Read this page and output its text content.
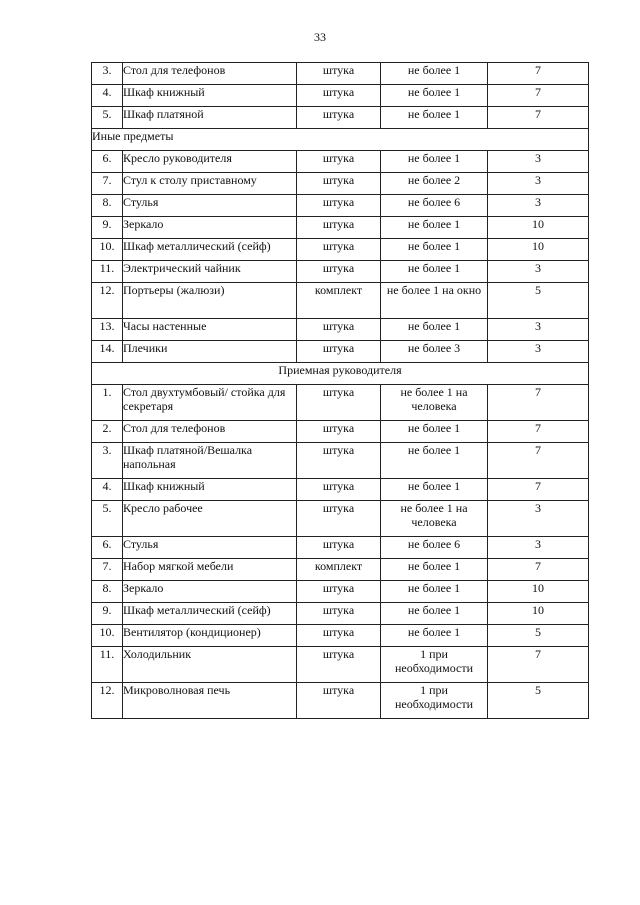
33
3.	Стол для телефонов	штука	не более 1	7
4.	Шкаф книжный	штука	не более 1	7
5.	Шкаф платяной	штука	не более 1	7
Иные предметы				
6.	Кресло руководителя	штука	не более 1	3
7.	Стул к столу приставному	штука	не более 2	3
8.	Стулья	штука	не более 6	3
9.	Зеркало	штука	не более 1	10
10.	Шкаф металлический (сейф)	штука	не более 1	10
11.	Электрический чайник	штука	не более 1	3
12.	Портьеры (жалюзи)	комплект	не более 1 на окно	5
13.	Часы настенные	штука	не более 1	3
14.	Плечики	штука	не более 3	3
Приемная руководителя				
1.	Стол двухтумбовый/ стойка для секретаря	штука	не более 1 на человека	7
2.	Стол для телефонов	штука	не более 1	7
3.	Шкаф платяной/Вешалка напольная	штука	не более 1	7
4.	Шкаф книжный	штука	не более 1	7
5.	Кресло рабочее	штука	не более 1 на человека	3
6.	Стулья	штука	не более 6	3
7.	Набор мягкой мебели	комплект	не более 1	7
8.	Зеркало	штука	не более 1	10
9.	Шкаф металлический (сейф)	штука	не более 1	10
10.	Вентилятор (кондиционер)	штука	не более 1	5
11.	Холодильник	штука	1 при необходимости	7
12.	Микроволновая печь	штука	1 при необходимости	5
